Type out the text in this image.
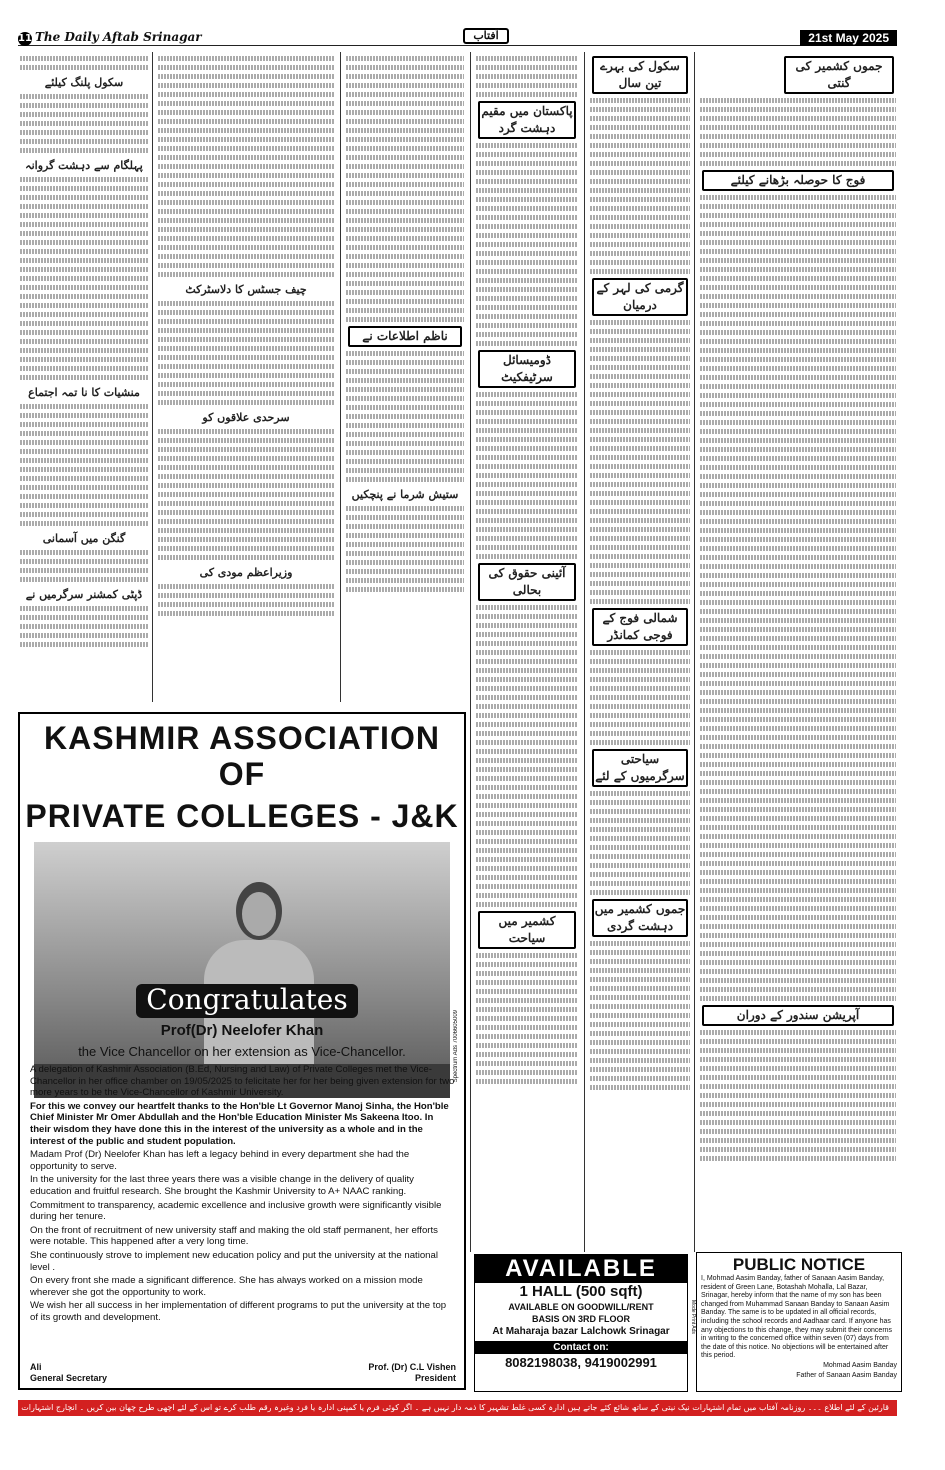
11 The Daily Aftab Srinagar	آفتاب	21st May 2025
سکول پلنگ کیلئے
پہلگام سے دہشت گروانہ
منشیات کا نا تمہ اجتماع
گنگن میں آسمانی
ڈپٹی کمشنر سرگرمیں نے
چیف جسٹس کا دلاسٹرکٹ
سرحدی علاقوں کو
وزیراعظم مودی کی
ناظم اطلاعات نے
ستیش شرما نے پنچکیں
پاکستان میں مقیم دہشت گرد
ڈومیسائل سرٹیفکیٹ
آئینی حقوق کی بحالی
کشمیر میں سیاحت
سکول کی بہرے تین سال
گرمی کی لہر کے درمیان
شمالی فوج کے فوجی کمانڈر
سیاحتی سرگرمیوں کے لئے
جموں کشمیر میں دہشت گردی
جموں کشمیر کی گنتی
فوج کا حوصلہ بڑھانے کیلئے
آپریشن سندور کے دوران
KASHMIR ASSOCIATION OF
PRIVATE COLLEGES - J&K
Congratulates
Prof(Dr) Neelofer Khan
the Vice Chancellor on her extension as Vice-Chancellor.

A delegation of Kashmir Association (B.Ed, Nursing and Law) of Private Colleges met the Vice- Chancellor in her office chamber on 19/05/2025 to felicitate her for her being given extension for two more years to be the Vice-Chancellor of Kashmir University.

For this we convey our heartfelt thanks to the Hon'ble Lt Governor Manoj Sinha, the Hon'ble Chief Minister Mr Omer Abdullah and the Hon'ble Education Minister Ms Sakeena Itoo. In their wisdom they have done this in the interest of the university as a whole and in the interest of the public and student population.

Madam Prof (Dr) Neelofer Khan has left a legacy behind in every department she had the opportunity to serve.

In the university for the last three years there was a visible change in the delivery of quality education and fruitful research. She brought the Kashmir University to A+ NAAC ranking.

Commitment to transparency, academic excellence and inclusive growth were significantly visible during her tenure.

On the front of recruitment of new university staff and making the old staff permanent, her efforts were notable. This happened after a very long time.

She continuously strove to implement new education policy and put the university at the national level .

On every front she made a significant difference. She has always worked on a mission mode wherever she got the opportunity to work.

We wish her all success in her implementation of different programs to put the university at the top of its growth and development.

Ali
General Secretary
Prof. (Dr) C.L Vishen
President
Spectrum Ads 7006605009
AVAILABLE
1 HALL (500 sqft)
AVAILABLE ON GOODWILL/RENT
BASIS ON 3RD FLOOR
At Maharaja bazar Lalchowk Srinagar
Contact on:
8082198038, 9419002991
Mode Print Ads
PUBLIC NOTICE
I, Mohmad Aasim Banday, father of Sanaan Aasim Banday, resident of Green Lane, Botashah Mohalla, Lal Bazar, Srinagar, hereby inform that the name of my son has been changed from Muhammad Sanaan Banday to Sanaan Aasim Banday. The same is to be updated in all official records, including the school records and Aadhaar card. If anyone has any objections to this change, they may submit their concerns in writing to the concerned office within seven (07) days from the date of this notice. No objections will be entertained after this period.
Mohmad Aasim Banday
Father of Sanaan Aasim Banday
قارئین کے لئے اطلاع ۔۔۔ روزنامہ آفتاب میں تمام اشتہارات نیک نیتی کے ساتھ شائع کئے جاتے ہیں ادارہ کسی غلط تشہیر کا ذمہ دار نہیں ہے ۔ اگر کوئی فرم یا کمپنی ادارہ یا فرد وغیرہ رقم طلب کرے تو اس کے لئے اچھی طرح چھان بین کریں ۔ انچارج اشتہارات
